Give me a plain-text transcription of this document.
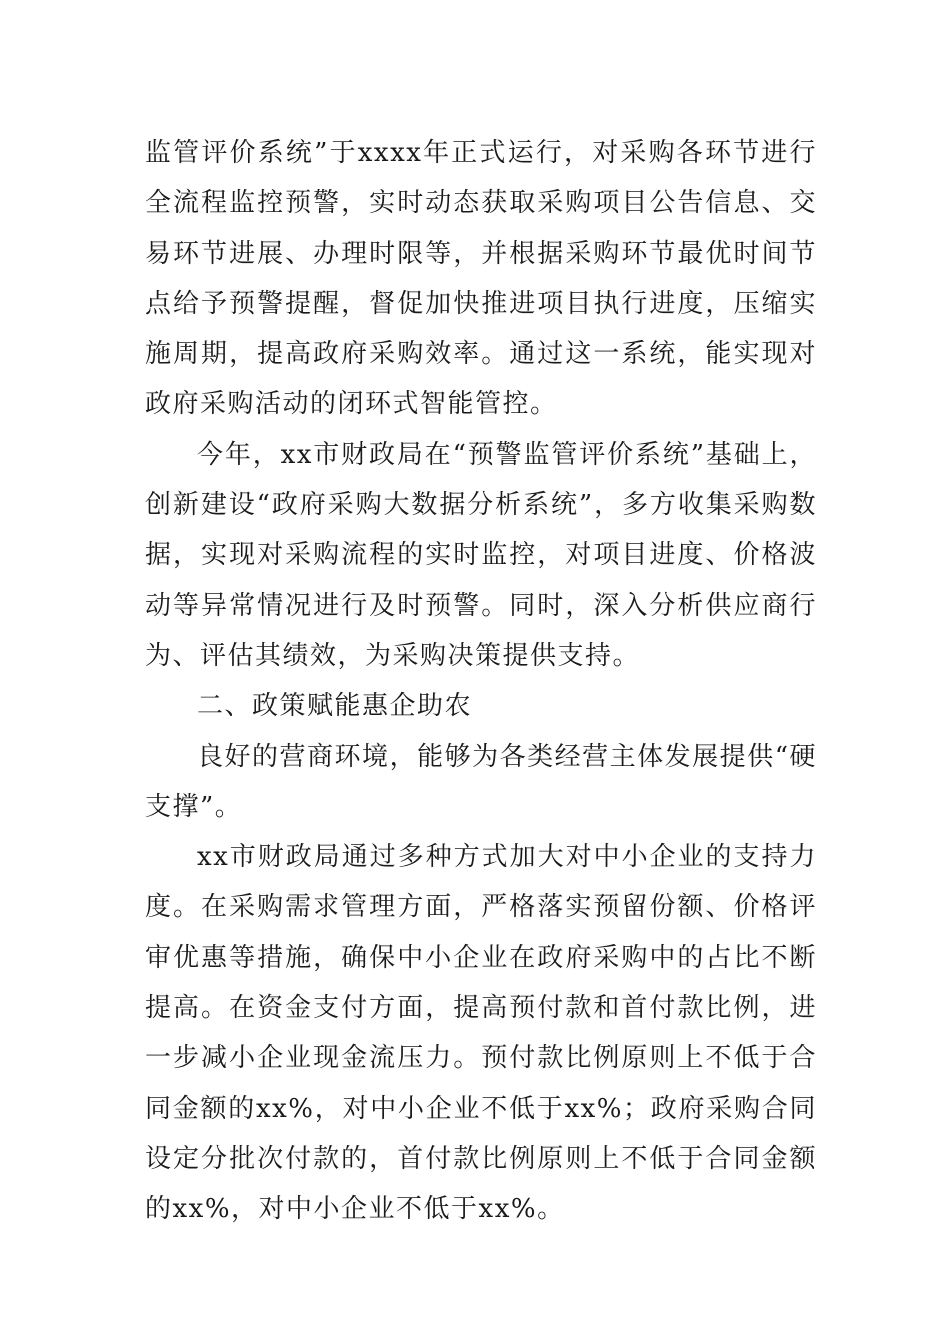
监管评价系统”于xxxx年正式运行，对采购各环节进行全流程监控预警，实时动态获取采购项目公告信息、交易环节进展、办理时限等，并根据采购环节最优时间节点给予预警提醒，督促加快推进项目执行进度，压缩实施周期，提高政府采购效率。通过这一系统，能实现对政府采购活动的闭环式智能管控。

今年，xx市财政局在“预警监管评价系统”基础上，创新建设“政府采购大数据分析系统”，多方收集采购数据，实现对采购流程的实时监控，对项目进度、价格波动等异常情况进行及时预警。同时，深入分析供应商行为、评估其绩效，为采购决策提供支持。

二、政策赋能惠企助农

良好的营商环境，能够为各类经营主体发展提供“硬支撑”。

xx市财政局通过多种方式加大对中小企业的支持力度。在采购需求管理方面，严格落实预留份额、价格评审优惠等措施，确保中小企业在政府采购中的占比不断提高。在资金支付方面，提高预付款和首付款比例，进一步减小企业现金流压力。预付款比例原则上不低于合同金额的xx%，对中小企业不低于xx%；政府采购合同设定分批次付款的，首付款比例原则上不低于合同金额的xx%，对中小企业不低于xx%。
